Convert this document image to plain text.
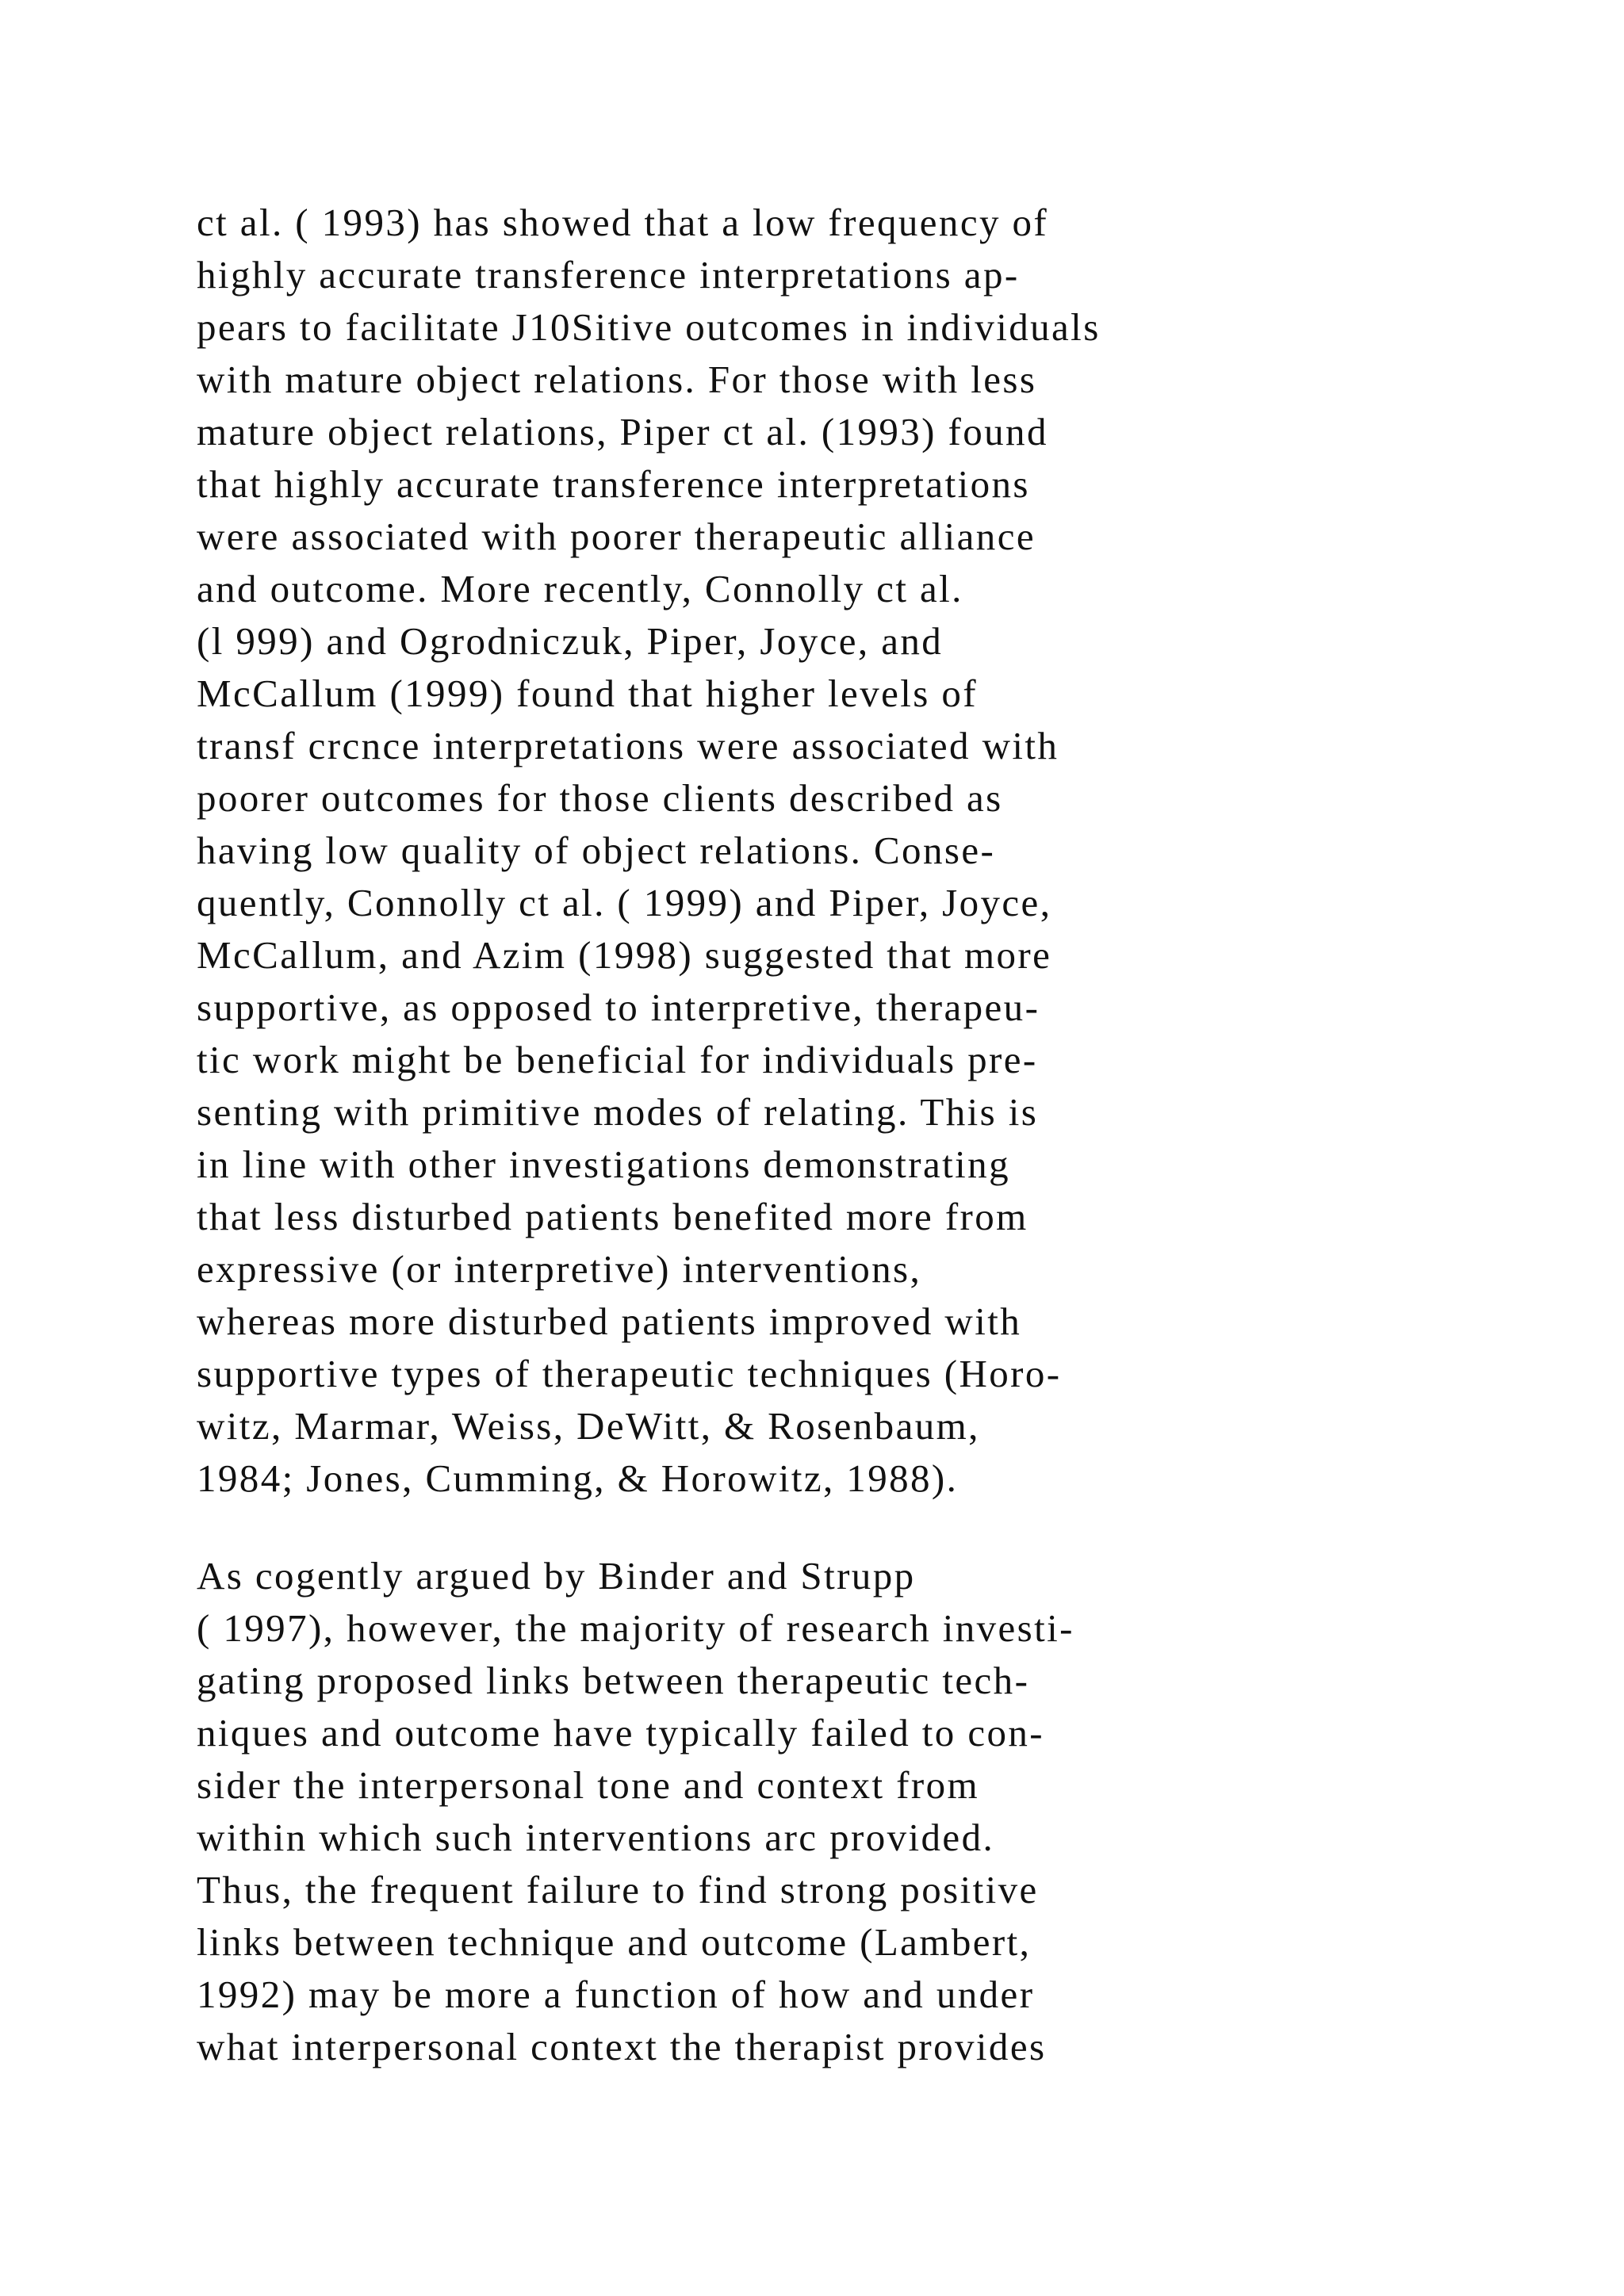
ct al. ( 1993) has showed that a low frequency of
highly accurate transference interpretations ap-
pears to facilitate J10Sitive outcomes in individuals
with mature object relations. For those with less
mature object relations, Piper ct al. (1993) found
that highly accurate transference interpretations
were associated with poorer therapeutic alliance
and outcome. More recently, Connolly ct al.
(l 999) and Ogrodniczuk, Piper, Joyce, and
McCallum (1999) found that higher levels of
transf crcnce interpretations were associated with
poorer outcomes for those clients described as
having low quality of object relations. Conse-
quently, Connolly ct al. ( 1999) and Piper, Joyce,
McCallum, and Azim (1998) suggested that more
supportive, as opposed to interpretive, therapeu-
tic work might be beneficial for individuals pre-
senting with primitive modes of relating. This is
in line with other investigations demonstrating
that less disturbed patients benefited more from
expressive (or interpretive) interventions,
whereas more disturbed patients improved with
supportive types of therapeutic techniques (Horo-
witz, Marmar, Weiss, DeWitt, & Rosenbaum,
1984; Jones, Cumming, & Horowitz, 1988).
As cogently argued by Binder and Strupp
( 1997), however, the majority of research investi-
gating proposed links between therapeutic tech-
niques and outcome have typically failed to con-
sider the interpersonal tone and context from
within which such interventions arc provided.
Thus, the frequent failure to find strong positive
links between technique and outcome (Lambert,
1992) may be more a function of how and under
what interpersonal context the therapist provides
